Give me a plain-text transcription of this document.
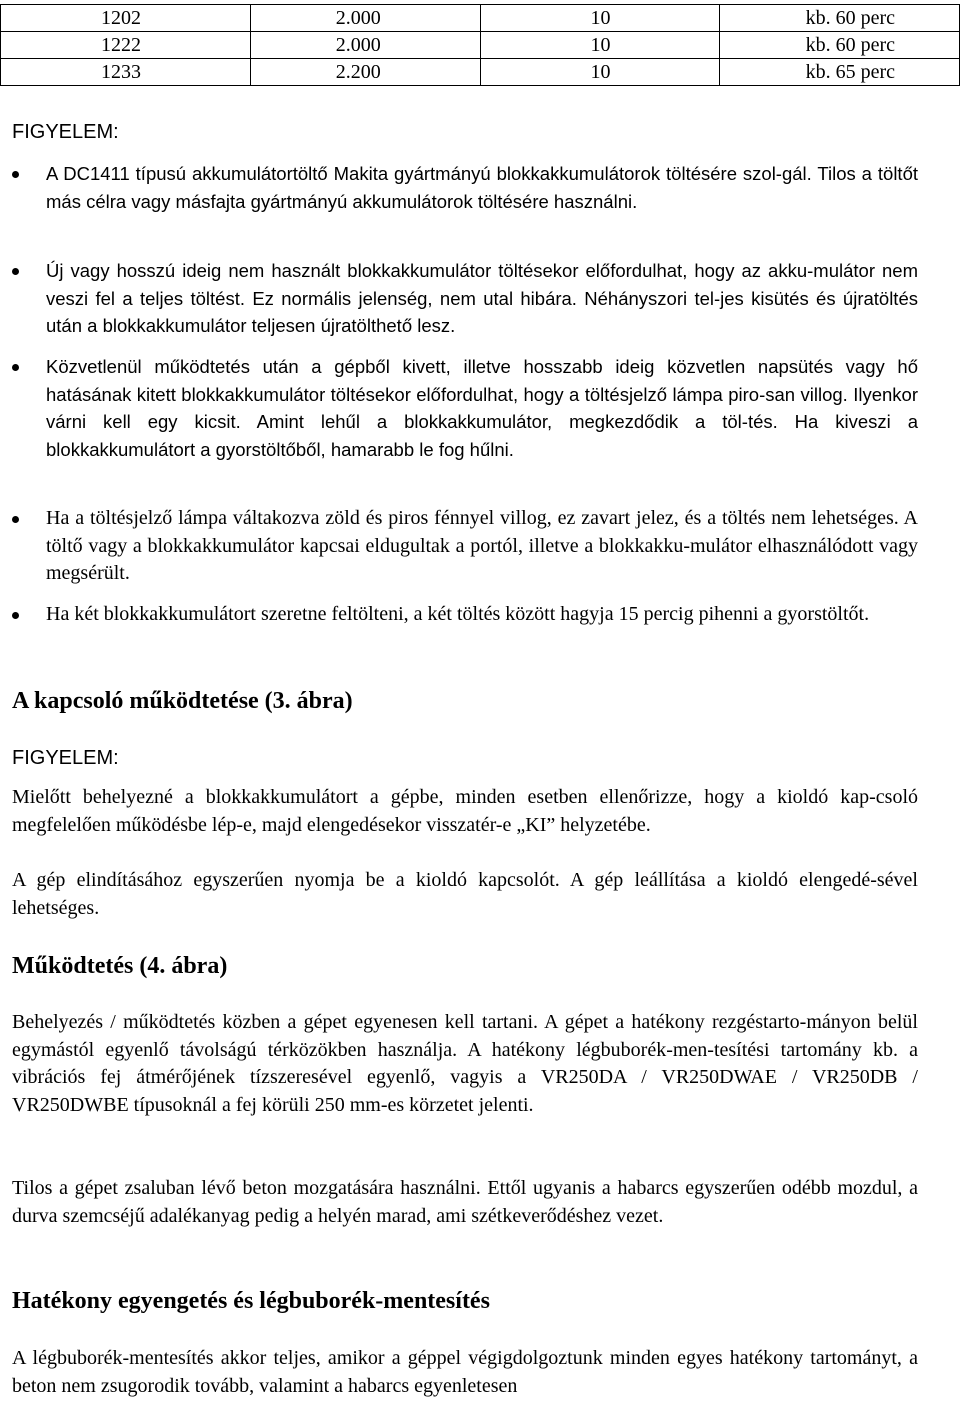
1202	2.000	10	kb. 60 perc
1222	2.000	10	kb. 60 perc
1233	2.200	10	kb. 65 perc
FIGYELEM:
A DC1411 típusú akkumulátortöltő Makita gyártmányú blokkakkumulátorok töltésére szol-gál. Tilos a töltőt más célra vagy másfajta gyártmányú akkumulátorok töltésére használni.
Új vagy hosszú ideig nem használt blokkakkumulátor töltésekor előfordulhat, hogy az akku-mulátor nem veszi fel a teljes töltést. Ez normális jelenség, nem utal hibára. Néhányszori tel-jes kisütés és újratöltés után a blokkakkumulátor teljesen újratölthető lesz.
Közvetlenül működtetés után a gépből kivett, illetve hosszabb ideig közvetlen napsütés vagy hő hatásának kitett blokkakkumulátor töltésekor előfordulhat, hogy a töltésjelző lámpa piro-san villog. Ilyenkor várni kell egy kicsit. Amint lehűl a blokkakkumulátor, megkezdődik a töl-tés. Ha kiveszi a blokkakkumulátort a gyorstöltőből, hamarabb le fog hűlni.
Ha a töltésjelző lámpa váltakozva zöld és piros fénnyel villog, ez zavart jelez, és a töltés nem lehetséges. A töltő vagy a blokkakkumulátor kapcsai eldugultak a portól, illetve a blokkakku-mulátor elhasználódott vagy megsérült.
Ha két blokkakkumulátort szeretne feltölteni, a két töltés között hagyja 15 percig pihenni a gyorstöltőt.
A kapcsoló működtetése (3. ábra)
FIGYELEM:
Mielőtt behelyezné a blokkakkumulátort a gépbe, minden esetben ellenőrizze, hogy a kioldó kap-csoló megfelelően működésbe lép-e, majd elengedésekor visszatér-e „KI” helyzetébe.
A gép elindításához egyszerűen nyomja be a kioldó kapcsolót. A gép leállítása a kioldó elengedé-sével lehetséges.
Működtetés (4. ábra)
Behelyezés / működtetés közben a gépet egyenesen kell tartani. A gépet a hatékony rezgéstarto-mányon belül egymástól egyenlő távolságú térközökben használja. A hatékony légbuborék-men-tesítési tartomány kb. a vibrációs fej átmérőjének tízszeresével egyenlő, vagyis a VR250DA / VR250DWAE / VR250DB / VR250DWBE típusoknál a fej körüli 250 mm-es körzetet jelenti.
Tilos a gépet zsaluban lévő beton mozgatására használni. Ettől ugyanis a habarcs egyszerűen odébb mozdul, a durva szemcséjű adalékanyag pedig a helyén marad, ami szétkeverődéshez vezet.
Hatékony egyengetés és légbuborék-mentesítés
A légbuborék-mentesítés akkor teljes, amikor a géppel végigdolgoztunk minden egyes hatékony tartományt, a beton nem zsugorodik tovább, valamint a habarcs egyenletesen
